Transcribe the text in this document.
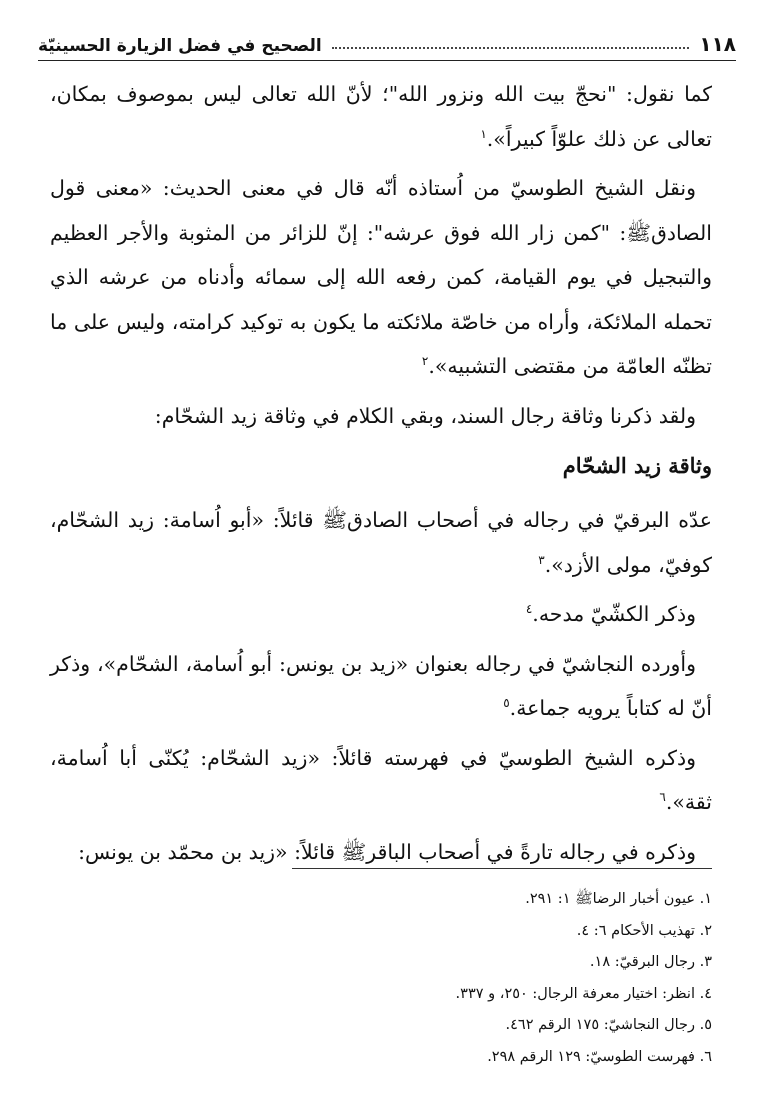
١١٨
الصحيح في فضل الزيارة الحسينيّة

كما نقول: "نحجّ بيت الله ونزور الله"؛ لأنّ الله تعالى ليس بموصوف بمكان، تعالى عن ذلك علوّاً كبيراً».$^١$

ونقل الشيخ الطوسيّ من اُستاذه أنّه قال في معنى الحديث: «معنى قول الصادقﷺ: "كمن زار الله فوق عرشه": إنّ للزائر من المثوبة والأجر العظيم والتبجيل في يوم القيامة، كمن رفعه الله إلى سمائه وأدناه من عرشه الذي تحمله الملائكة، وأراه من خاصّة ملائكته ما يكون به توكيد كرامته، وليس على ما تظنّه العامّة من مقتضى التشبيه».$^٢$

ولقد ذكرنا وثاقة رجال السند، وبقي الكلام في وثاقة زيد الشحّام:

وثاقة زيد الشحّام

عدّه البرقيّ في رجاله في أصحاب الصادقﷺ قائلاً: «أبو اُسامة: زيد الشحّام، كوفيّ، مولى الأزد».$^٣$

وذكر الكشّيّ مدحه.$^٤$

وأورده النجاشيّ في رجاله بعنوان «زيد بن يونس: أبو اُسامة، الشحّام»، وذكر أنّ له كتاباً يرويه جماعة.$^٥$

وذكره الشيخ الطوسيّ في فهرسته قائلاً: «زيد الشحّام: يُكنّى أبا اُسامة، ثقة».$^٦$

وذكره في رجاله تارةً في أصحاب الباقرﷺ قائلاً: «زيد بن محمّد بن يونس:

١. عيون أخبار الرضاﷺ ١: ٢٩١.
٢. تهذيب الأحكام ٦: ٤.
٣. رجال البرقيّ: ١٨.
٤. انظر: اختيار معرفة الرجال: ٢٥٠، و ٣٣٧.
٥. رجال النجاشيّ: ١٧٥ الرقم ٤٦٢.
٦. فهرست الطوسيّ: ١٢٩ الرقم ٢٩٨.
